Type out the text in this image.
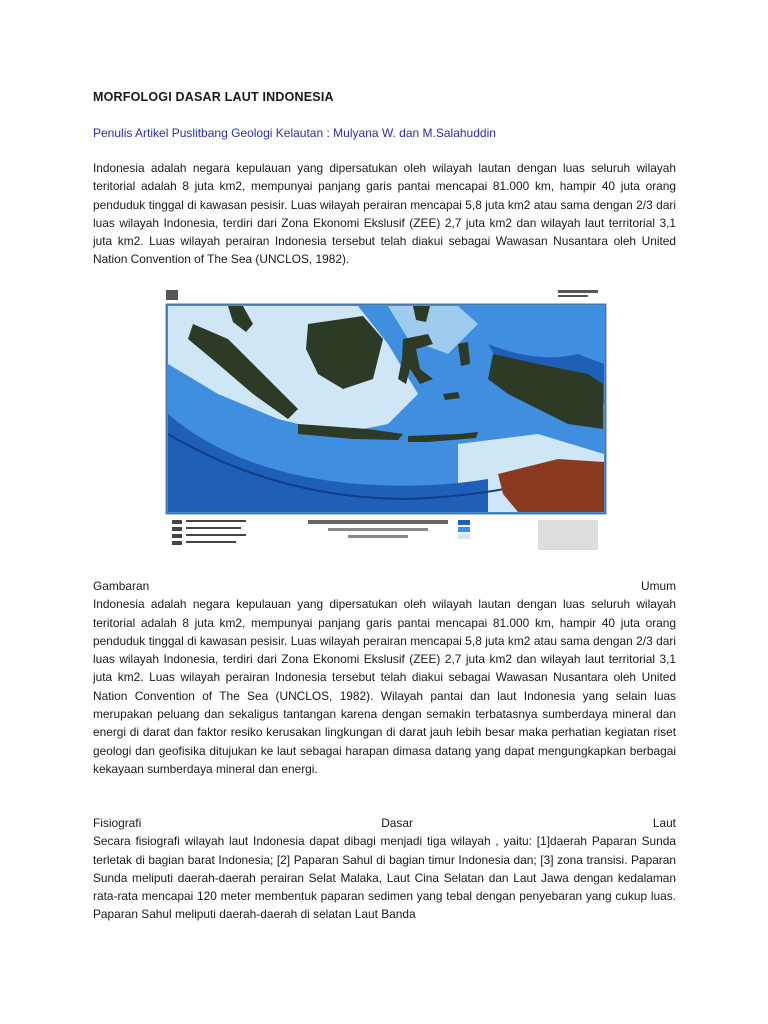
MORFOLOGI DASAR LAUT INDONESIA

Penulis Artikel Puslitbang Geologi Kelautan : Mulyana W. dan M.Salahuddin

Indonesia adalah negara kepulauan yang dipersatukan oleh wilayah lautan dengan luas seluruh wilayah teritorial adalah 8 juta km2, mempunyai panjang garis pantai mencapai 81.000 km, hampir 40 juta orang penduduk tinggal di kawasan pesisir. Luas wilayah perairan mencapai 5,8 juta km2 atau sama dengan 2/3 dari luas wilayah Indonesia, terdiri dari Zona Ekonomi Ekslusif (ZEE) 2,7 juta km2 dan wilayah laut territorial 3,1 juta km2. Luas wilayah perairan Indonesia tersebut telah diakui sebagai Wawasan Nusantara oleh United Nation Convention of The Sea (UNCLOS, 1982).

Gambaran	Umum

Indonesia adalah negara kepulauan yang dipersatukan oleh wilayah lautan dengan luas seluruh wilayah teritorial adalah 8 juta km2, mempunyai panjang garis pantai mencapai 81.000 km, hampir 40 juta orang penduduk tinggal di kawasan pesisir. Luas wilayah perairan mencapai 5,8 juta km2 atau sama dengan 2/3 dari luas wilayah Indonesia, terdiri dari Zona Ekonomi Ekslusif (ZEE) 2,7 juta km2 dan wilayah laut territorial 3,1 juta km2. Luas wilayah perairan Indonesia tersebut telah diakui sebagai Wawasan Nusantara oleh United Nation Convention of The Sea (UNCLOS, 1982). Wilayah pantai dan laut Indonesia yang selain luas merupakan peluang dan sekaligus tantangan karena dengan semakin terbatasnya sumberdaya mineral dan energi di darat dan faktor resiko kerusakan lingkungan di darat jauh lebih besar maka perhatian kegiatan riset geologi dan geofisika ditujukan ke laut sebagai harapan dimasa datang yang dapat mengungkapkan berbagai kekayaan sumberdaya mineral dan energi.

Fisiografi	Dasar	Laut

Secara fisiografi wilayah laut Indonesia dapat dibagi menjadi tiga wilayah , yaitu: [1]daerah Paparan Sunda terletak di bagian barat Indonesia; [2] Paparan Sahul di bagian timur Indonesia dan; [3] zona transisi. Paparan Sunda meliputi daerah-daerah perairan Selat Malaka, Laut Cina Selatan dan Laut Jawa dengan kedalaman rata-rata mencapai 120 meter membentuk paparan sedimen yang tebal dengan penyebaran yang cukup luas. Paparan Sahul meliputi daerah-daerah di selatan Laut Banda
